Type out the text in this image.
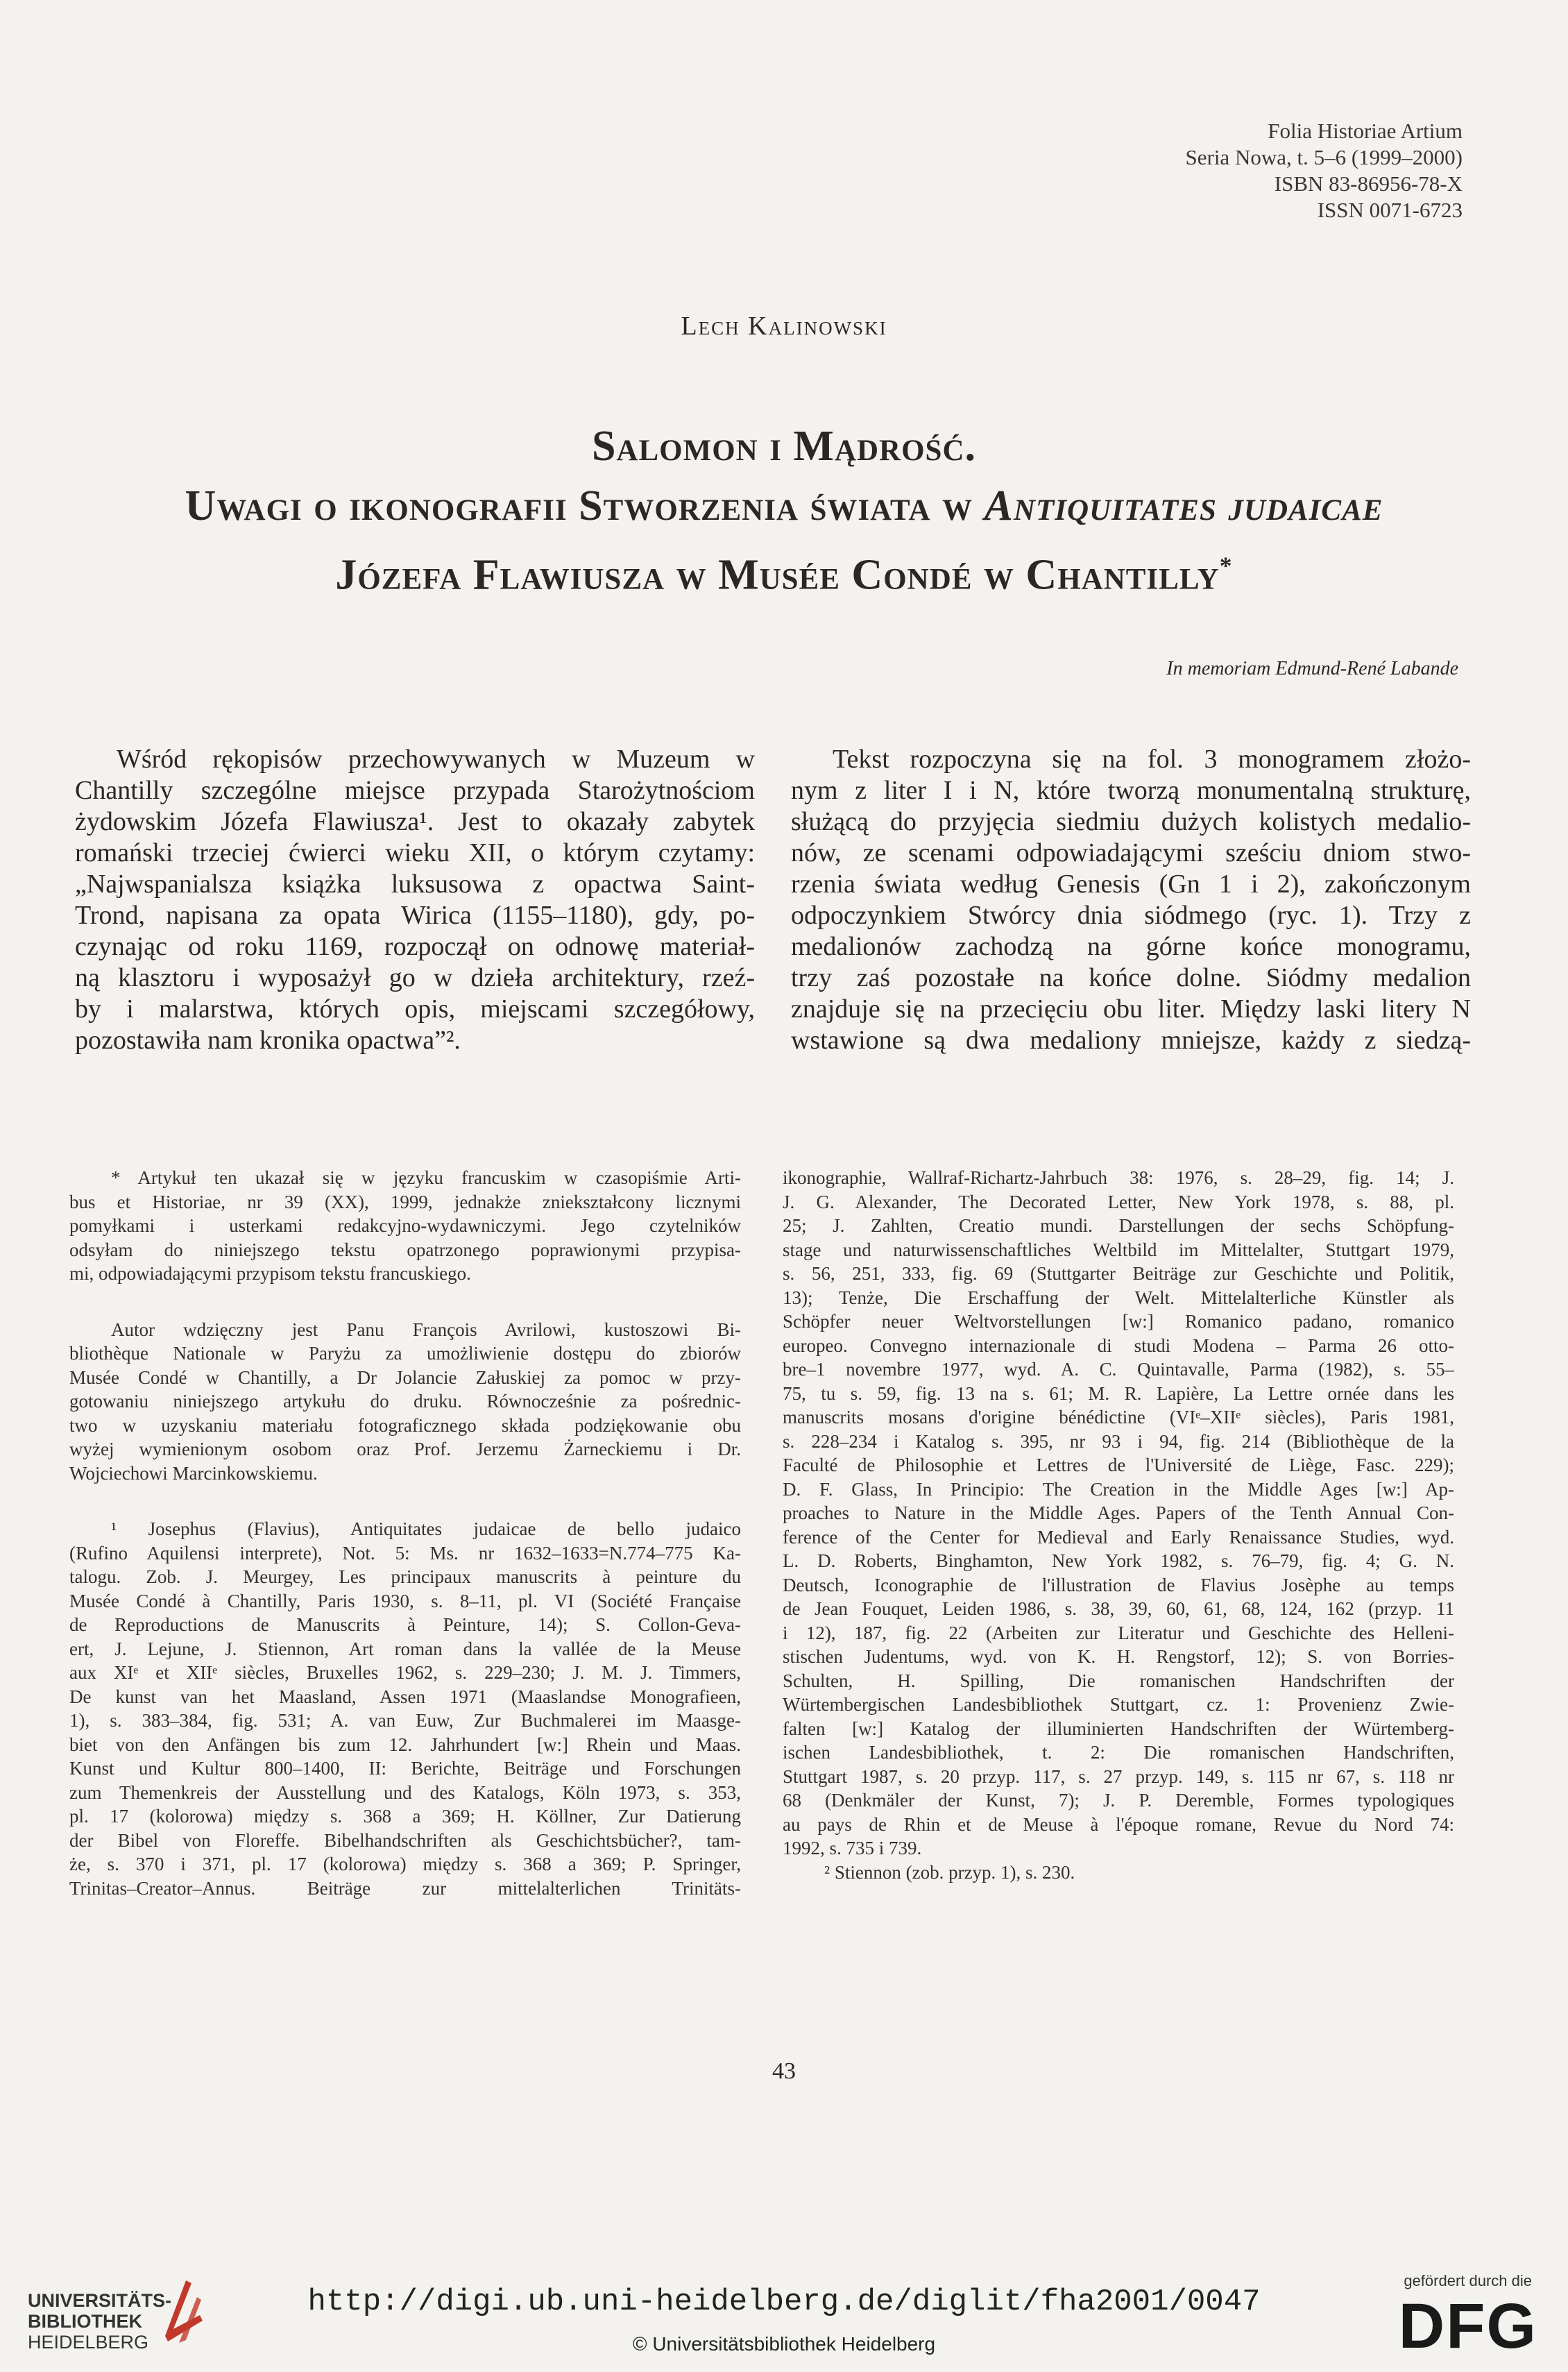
Folia Historiae Artium
Seria Nowa, t. 5–6 (1999–2000)
ISBN 83-86956-78-X
ISSN 0071-6723
Lech Kalinowski
Salomon i Mądrość.
Uwagi o ikonografii Stworzenia świata w Antiquitates judaicae
Józefa Flawiusza w Musée Condé w Chantilly*
In memoriam Edmund-René Labande
Wśród rękopisów przechowywanych w Muzeum w
Chantilly szczególne miejsce przypada Starożytnościom
żydowskim Józefa Flawiusza¹. Jest to okazały zabytek
romański trzeciej ćwierci wieku XII, o którym czytamy:
„Najwspanialsza książka luksusowa z opactwa Saint-
Trond, napisana za opata Wirica (1155–1180), gdy, po-
czynając od roku 1169, rozpoczął on odnowę materiał-
ną klasztoru i wyposażył go w dzieła architektury, rzeź-
by i malarstwa, których opis, miejscami szczegółowy,
pozostawiła nam kronika opactwa”².
Tekst rozpoczyna się na fol. 3 monogramem złożo-
nym z liter I i N, które tworzą monumentalną strukturę,
służącą do przyjęcia siedmiu dużych kolistych medalio-
nów, ze scenami odpowiadającymi sześciu dniom stwo-
rzenia świata według Genesis (Gn 1 i 2), zakończonym
odpoczynkiem Stwórcy dnia siódmego (ryc. 1). Trzy z
medalionów zachodzą na górne końce monogramu,
trzy zaś pozostałe na końce dolne. Siódmy medalion
znajduje się na przecięciu obu liter. Między laski litery N
wstawione są dwa medaliony mniejsze, każdy z siedzą-
* Artykuł ten ukazał się w języku francuskim w czasopiśmie Arti-
bus et Historiae, nr 39 (XX), 1999, jednakże zniekształcony licznymi
pomyłkami i usterkami redakcyjno-wydawniczymi. Jego czytelników
odsyłam do niniejszego tekstu opatrzonego poprawionymi przypisa-
mi, odpowiadającymi przypisom tekstu francuskiego.
Autor wdzięczny jest Panu François Avrilowi, kustoszowi Bi-
bliothèque Nationale w Paryżu za umożliwienie dostępu do zbiorów
Musée Condé w Chantilly, a Dr Jolancie Załuskiej za pomoc w przy-
gotowaniu niniejszego artykułu do druku. Równocześnie za pośrednic-
two w uzyskaniu materiału fotograficznego składa podziękowanie obu
wyżej wymienionym osobom oraz Prof. Jerzemu Żarneckiemu i Dr.
Wojciechowi Marcinkowskiemu.
¹ Josephus (Flavius), Antiquitates judaicae de bello judaico
(Rufino Aquilensi interprete), Not. 5: Ms. nr 1632–1633=N.774–775 Ka-
talogu. Zob. J. Meurgey, Les principaux manuscrits à peinture du
Musée Condé à Chantilly, Paris 1930, s. 8–11, pl. VI (Société Française
de Reproductions de Manuscrits à Peinture, 14); S. Collon-Geva-
ert, J. Lejune, J. Stiennon, Art roman dans la vallée de la Meuse
aux XIᵉ et XIIᵉ siècles, Bruxelles 1962, s. 229–230; J. M. J. Timmers,
De kunst van het Maasland, Assen 1971 (Maaslandse Monografieen,
1), s. 383–384, fig. 531; A. van Euw, Zur Buchmalerei im Maasge-
biet von den Anfängen bis zum 12. Jahrhundert [w:] Rhein und Maas.
Kunst und Kultur 800–1400, II: Berichte, Beiträge und Forschungen
zum Themenkreis der Ausstellung und des Katalogs, Köln 1973, s. 353,
pl. 17 (kolorowa) między s. 368 a 369; H. Köllner, Zur Datierung
der Bibel von Floreffe. Bibelhandschriften als Geschichtsbücher?, tam-
że, s. 370 i 371, pl. 17 (kolorowa) między s. 368 a 369; P. Springer,
Trinitas–Creator–Annus. Beiträge zur mittelalterlichen Trinitäts-
ikonographie, Wallraf-Richartz-Jahrbuch 38: 1976, s. 28–29, fig. 14; J.
J. G. Alexander, The Decorated Letter, New York 1978, s. 88, pl.
25; J. Zahlten, Creatio mundi. Darstellungen der sechs Schöpfung-
stage und naturwissenschaftliches Weltbild im Mittelalter, Stuttgart 1979,
s. 56, 251, 333, fig. 69 (Stuttgarter Beiträge zur Geschichte und Politik,
13); Tenże, Die Erschaffung der Welt. Mittelalterliche Künstler als
Schöpfer neuer Weltvorstellungen [w:] Romanico padano, romanico
europeo. Convegno internazionale di studi Modena – Parma 26 otto-
bre–1 novembre 1977, wyd. A. C. Quintavalle, Parma (1982), s. 55–
75, tu s. 59, fig. 13 na s. 61; M. R. Lapière, La Lettre ornée dans les
manuscrits mosans d'origine bénédictine (VIᵉ–XIIᵉ siècles), Paris 1981,
s. 228–234 i Katalog s. 395, nr 93 i 94, fig. 214 (Bibliothèque de la
Faculté de Philosophie et Lettres de l'Université de Liège, Fasc. 229);
D. F. Glass, In Principio: The Creation in the Middle Ages [w:] Ap-
proaches to Nature in the Middle Ages. Papers of the Tenth Annual Con-
ference of the Center for Medieval and Early Renaissance Studies, wyd.
L. D. Roberts, Binghamton, New York 1982, s. 76–79, fig. 4; G. N.
Deutsch, Iconographie de l'illustration de Flavius Josèphe au temps
de Jean Fouquet, Leiden 1986, s. 38, 39, 60, 61, 68, 124, 162 (przyp. 11
i 12), 187, fig. 22 (Arbeiten zur Literatur und Geschichte des Helleni-
stischen Judentums, wyd. von K. H. Rengstorf, 12); S. von Borries-
Schulten, H. Spilling, Die romanischen Handschriften der
Würtembergischen Landesbibliothek Stuttgart, cz. 1: Provenienz Zwie-
falten [w:] Katalog der illuminierten Handschriften der Würtemberg-
ischen Landesbibliothek, t. 2: Die romanischen Handschriften,
Stuttgart 1987, s. 20 przyp. 117, s. 27 przyp. 149, s. 115 nr 67, s. 118 nr
68 (Denkmäler der Kunst, 7); J. P. Deremble, Formes typologiques
au pays de Rhin et de Meuse à l'époque romane, Revue du Nord 74:
1992, s. 735 i 739.
² Stiennon (zob. przyp. 1), s. 230.
43
UNIVERSITÄTS-
BIBLIOTHEK
HEIDELBERG
http://digi.ub.uni-heidelberg.de/diglit/fha2001/0047
© Universitätsbibliothek Heidelberg
gefördert durch die
DFG
